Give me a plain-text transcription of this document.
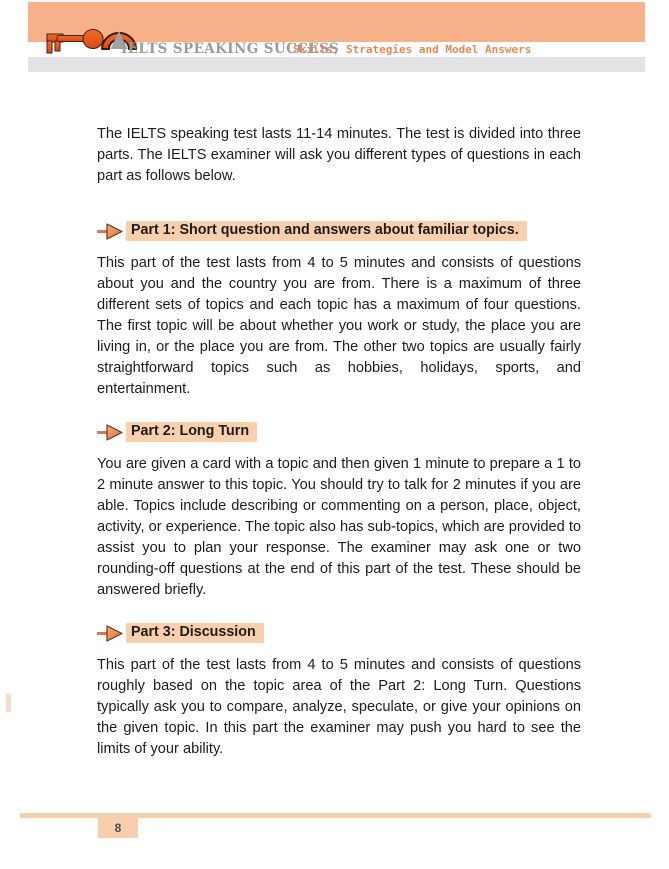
IELTS SPEAKING SUCCESS
Skills, Strategies and Model Answers

The IELTS speaking test lasts 11-14 minutes. The test is divided into three parts. The IELTS examiner will ask you different types of questions in each part as follows below.

Part 1: Short question and answers about familiar topics.

This part of the test lasts from 4 to 5 minutes and consists of questions about you and the country you are from. There is a maximum of three different sets of topics and each topic has a maximum of four questions. The first topic will be about whether you work or study, the place you are living in, or the place you are from. The other two topics are usually fairly straightforward topics such as hobbies, holidays, sports, and entertainment.

Part 2: Long Turn

You are given a card with a topic and then given 1 minute to prepare a 1 to 2 minute answer to this topic. You should try to talk for 2 minutes if you are able. Topics include describing or commenting on a person, place, object, activity, or experience. The topic also has sub-topics, which are provided to assist you to plan your response. The examiner may ask one or two rounding-off questions at the end of this part of the test. These should be answered briefly.

Part 3: Discussion

This part of the test lasts from 4 to 5 minutes and consists of questions roughly based on the topic area of the Part 2: Long Turn. Questions typically ask you to compare, analyze, speculate, or give your opinions on the given topic. In this part the examiner may push you hard to see the limits of your ability.

8
